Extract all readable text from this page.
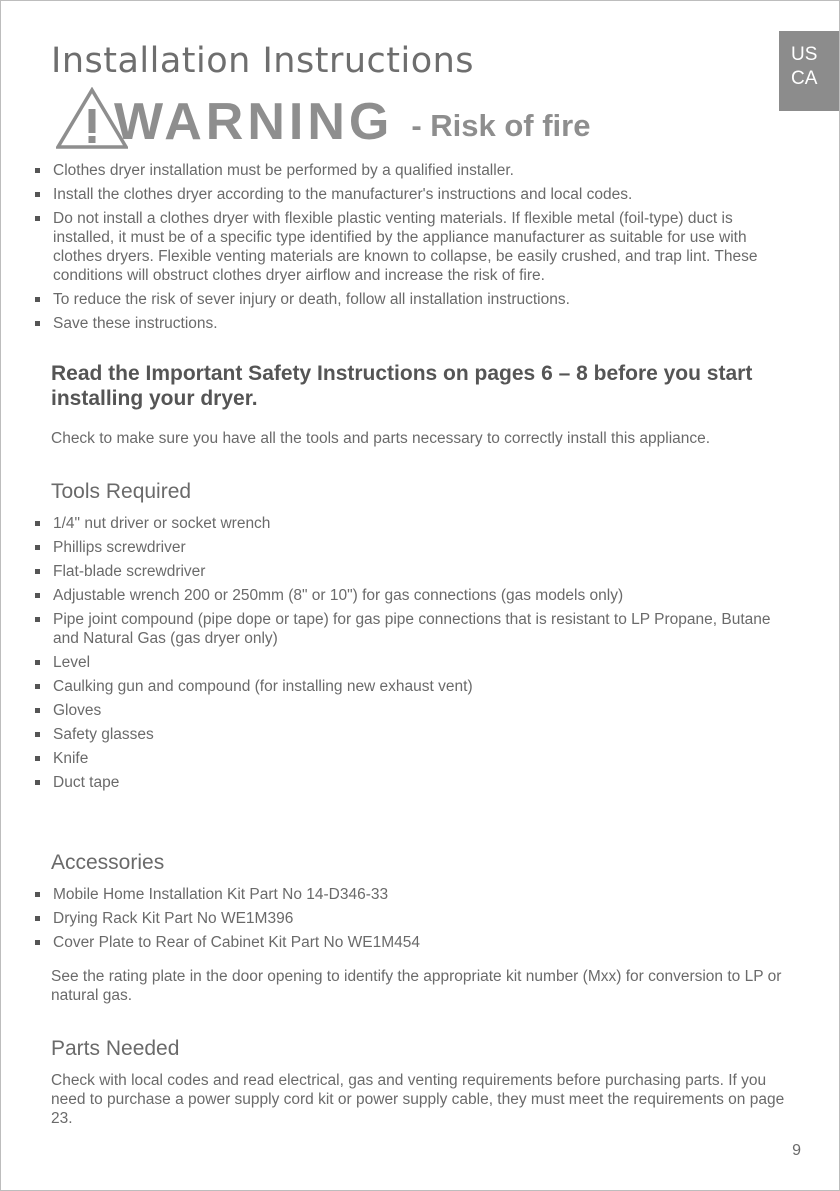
US
CA
Installation Instructions
WARNING - Risk of fire
Clothes dryer installation must be performed by a qualified installer.
Install the clothes dryer according to the manufacturer's instructions and local codes.
Do not install a clothes dryer with flexible plastic venting materials. If flexible metal (foil-type) duct is installed, it must be of a specific type identified by the appliance manufacturer as suitable for use with clothes dryers. Flexible venting materials are known to collapse, be easily crushed, and trap lint. These conditions will obstruct clothes dryer airflow and increase the risk of fire.
To reduce the risk of sever injury or death, follow all installation instructions.
Save these instructions.
Read the Important Safety Instructions on pages 6 – 8 before you start installing your dryer.

Check to make sure you have all the tools and parts necessary to correctly install this appliance.

Tools Required
1/4" nut driver or socket wrench
Phillips screwdriver
Flat-blade screwdriver
Adjustable wrench 200 or 250mm (8" or 10") for gas connections (gas models only)
Pipe joint compound (pipe dope or tape) for gas pipe connections that is resistant to LP Propane, Butane and Natural Gas (gas dryer only)
Level
Caulking gun and compound (for installing new exhaust vent)
Gloves
Safety glasses
Knife
Duct tape
Accessories
Mobile Home Installation Kit Part No 14-D346-33
Drying Rack Kit Part No WE1M396
Cover Plate to Rear of Cabinet Kit Part No WE1M454

See the rating plate in the door opening to identify the appropriate kit number (Mxx) for conversion to LP or natural gas.

Parts Needed

Check with local codes and read electrical, gas and venting requirements before purchasing parts. If you need to purchase a power supply cord kit or power supply cable, they must meet the requirements on page 23.

9
